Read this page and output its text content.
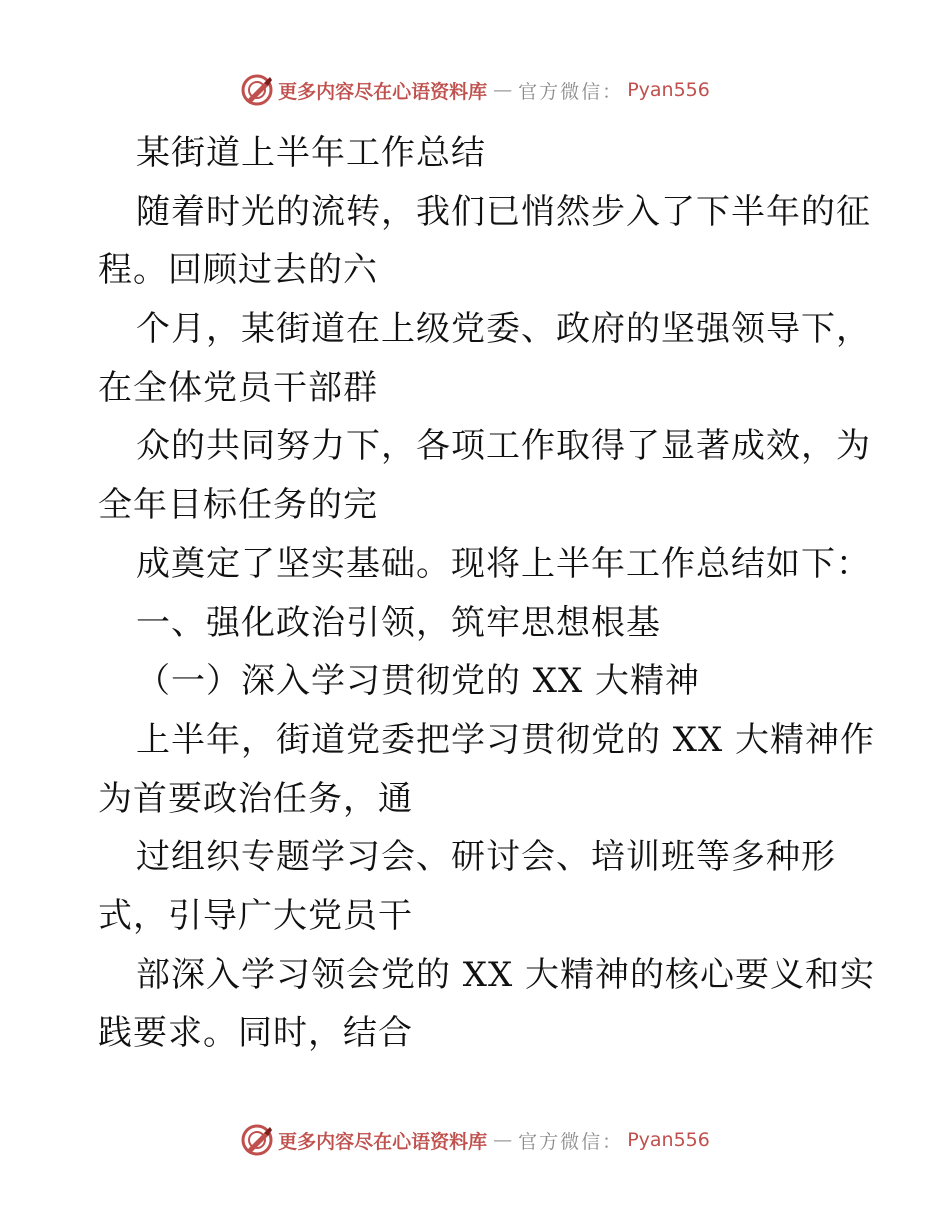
更多内容尽在心语资料库 — 官方微信： Pyan556
某街道上半年工作总结
随着时光的流转，我们已悄然步入了下半年的征
程。回顾过去的六
个月，某街道在上级党委、政府的坚强领导下，
在全体党员干部群
众的共同努力下，各项工作取得了显著成效，为
全年目标任务的完
成奠定了坚实基础。现将上半年工作总结如下：
一、强化政治引领，筑牢思想根基
（一）深入学习贯彻党的 XX 大精神
上半年，街道党委把学习贯彻党的 XX 大精神作
为首要政治任务，通
过组织专题学习会、研讨会、培训班等多种形
式，引导广大党员干
部深入学习领会党的 XX 大精神的核心要义和实
践要求。同时，结合
更多内容尽在心语资料库 — 官方微信： Pyan556
